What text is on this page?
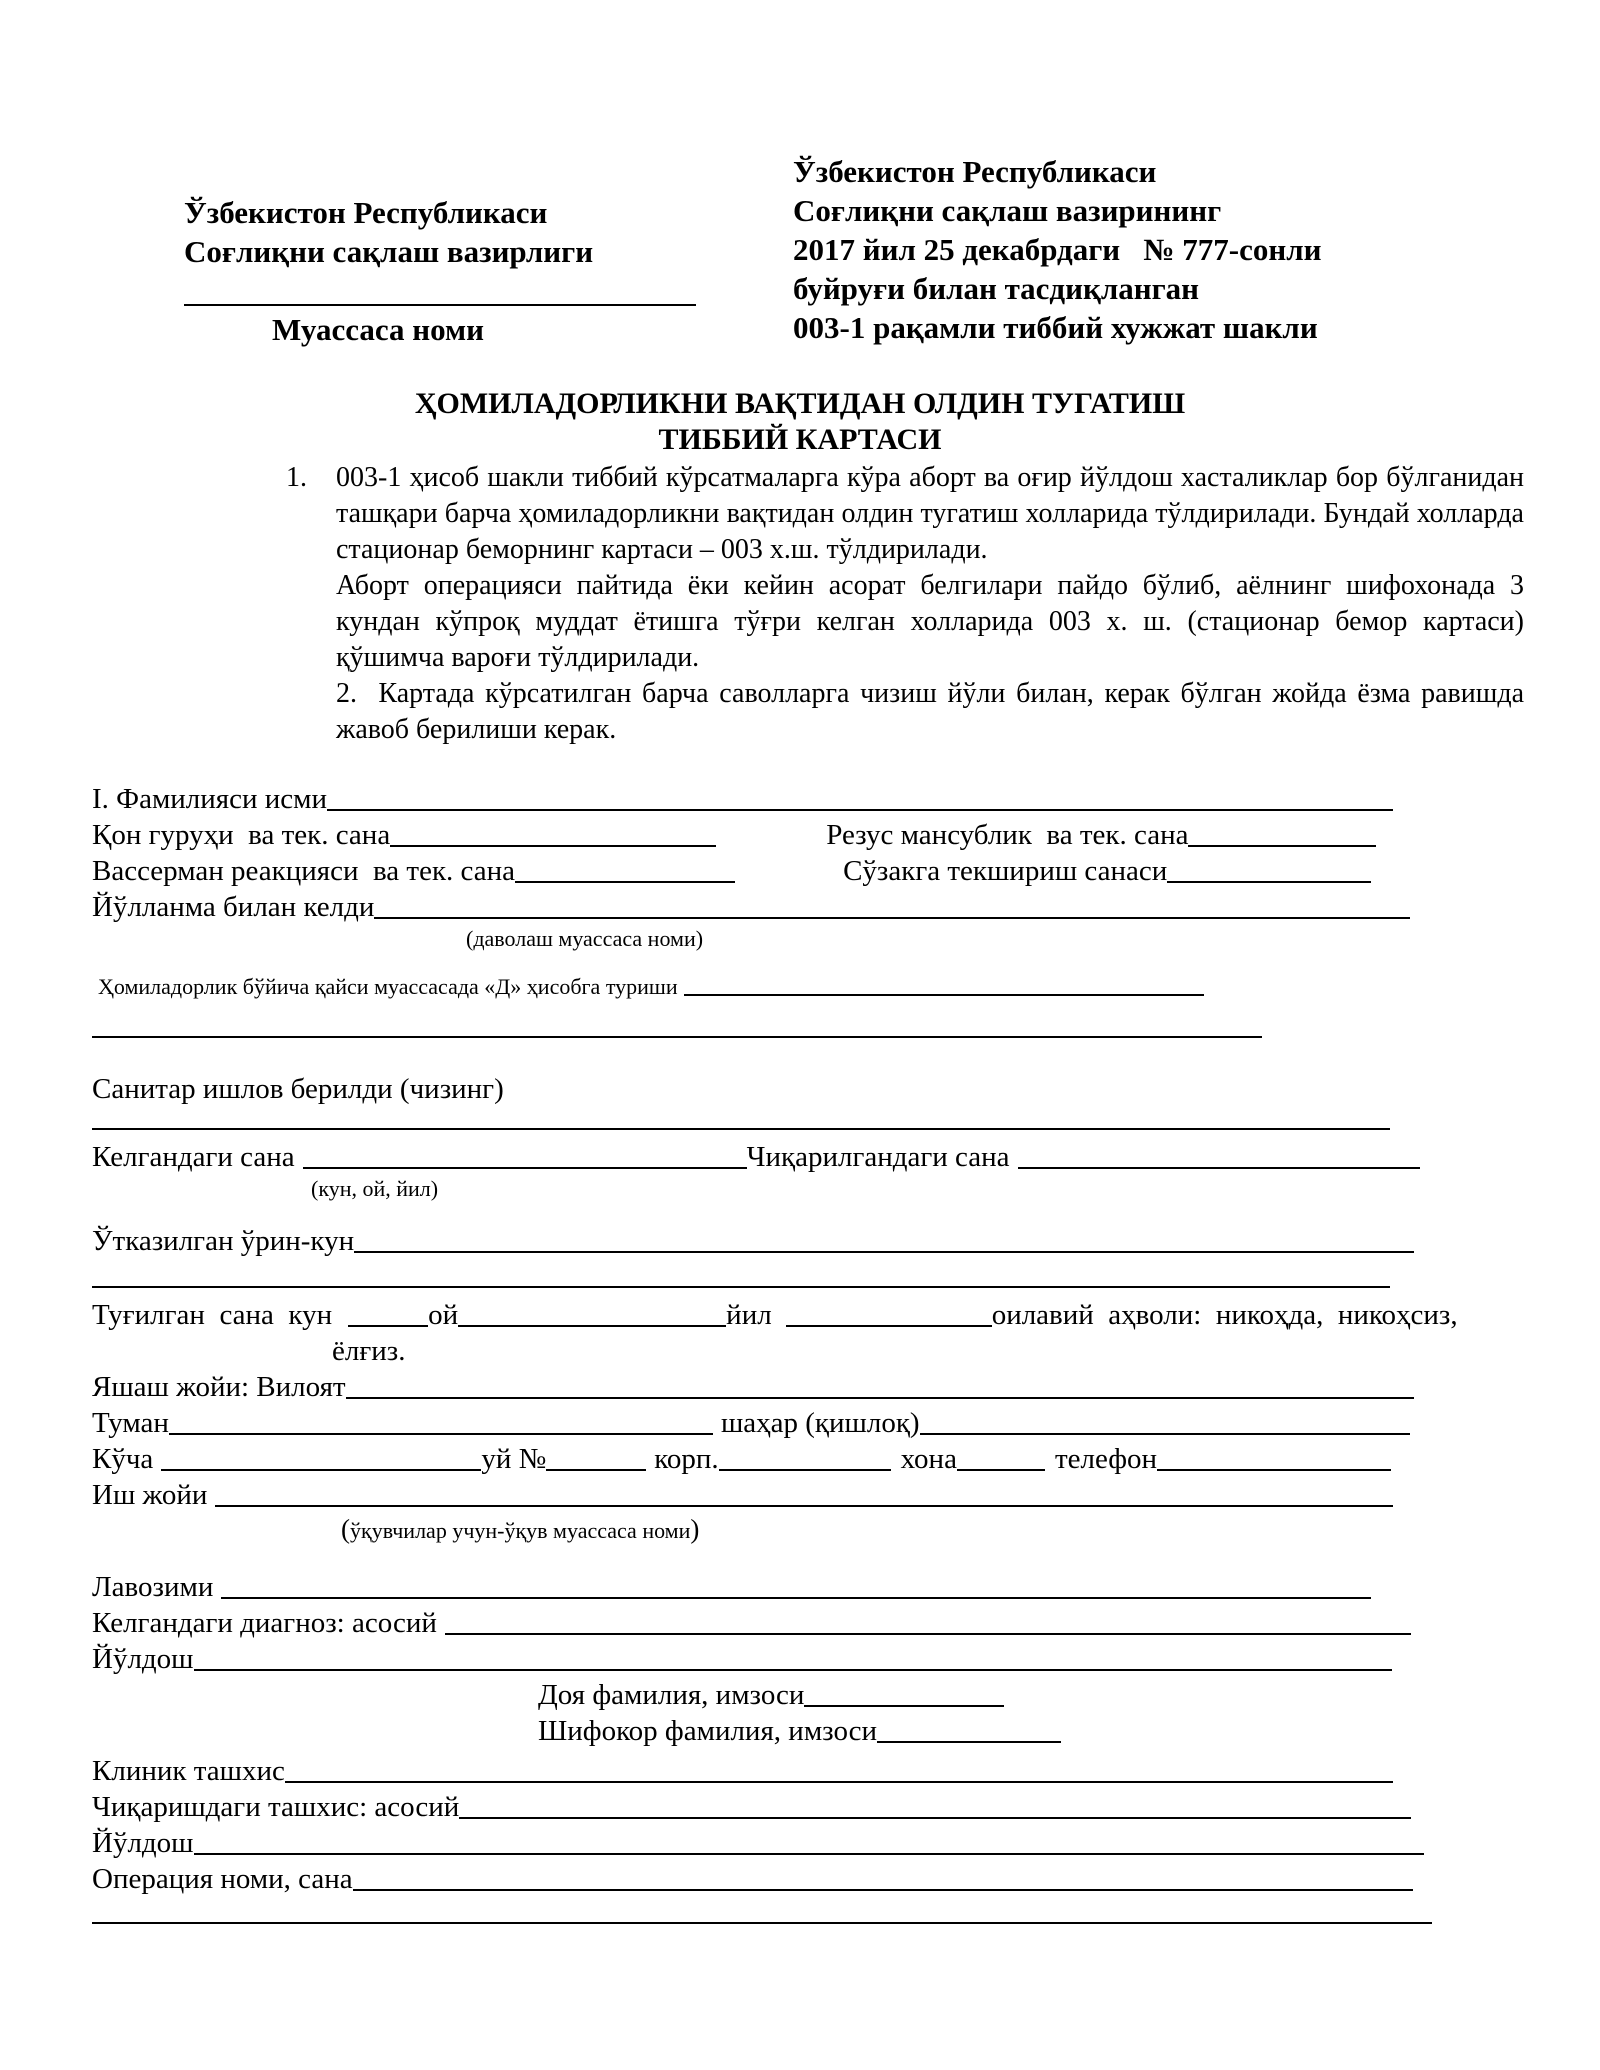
Ўзбекистон Республикаси
Соғлиқни сақлаш вазирлиги
Муассаса номи
Ўзбекистон Республикаси
Соғлиқни сақлаш вазирининг
2017 йил 25 декабрдаги   № 777-сонли
буйруғи билан тасдиқланган
003-1 рақамли тиббий хужжат шакли
ҲОМИЛАДОРЛИКНИ ВАҚТИДАН ОЛДИН ТУГАТИШ
ТИББИЙ КАРТАСИ
1. 003-1 ҳисоб шакли тиббий кўрсатмаларга кўра аборт ва оғир йўлдош хасталиклар бор бўлганидан ташқари барча ҳомиладорликни вақтидан олдин тугатиш холларида тўлдирилади. Бундай холларда стационар беморнинг картаси – 003 х.ш. тўлдирилади.

Аборт операцияси пайтида ёки кейин асорат белгилари пайдо бўлиб, аёлнинг шифохонада 3 кундан кўпроқ муддат ётишга тўғри келган холларида 003 х. ш. (стационар бемор картаси) қўшимча вароғи тўлдирилади.

2. Картада кўрсатилган барча саволларга чизиш йўли билан, керак бўлган жойда ёзма равишда жавоб берилиши керак.

I. Фамилияси исми
Қон гуруҳи  ва тек. сана	Резус мансублик  ва тек. сана
Вассерман реакцияси  ва тек. сана	Сўзакга текшириш санаси
Йўлланма билан келди
(даволаш муассаса номи)
Ҳомиладорлик бўйича қайси муассасада «Д» ҳисобга туриши
Санитар ишлов берилди (чизинг)
Келгандаги сана	Чиқарилгандаги сана
(кун, ой, йил)
Ўтказилган ўрин-кун
Туғилган  сана  кун	ой	йил	оилавий  аҳволи:  никоҳда,  никоҳсиз,
ёлғиз.
Яшаш жойи: Вилоят
Туман	шаҳар (қишлоқ)
Кўча	уй №	корп.	хона	телефон
Иш жойи
(ўқувчилар учун-ўқув муассаса номи)
Лавозими
Келгандаги диагноз: асосий
Йўлдош
Доя фамилия, имзоси
Шифокор фамилия, имзоси
Клиник ташхис
Чиқаришдаги ташхис: асосий
Йўлдош
Операция номи, сана
